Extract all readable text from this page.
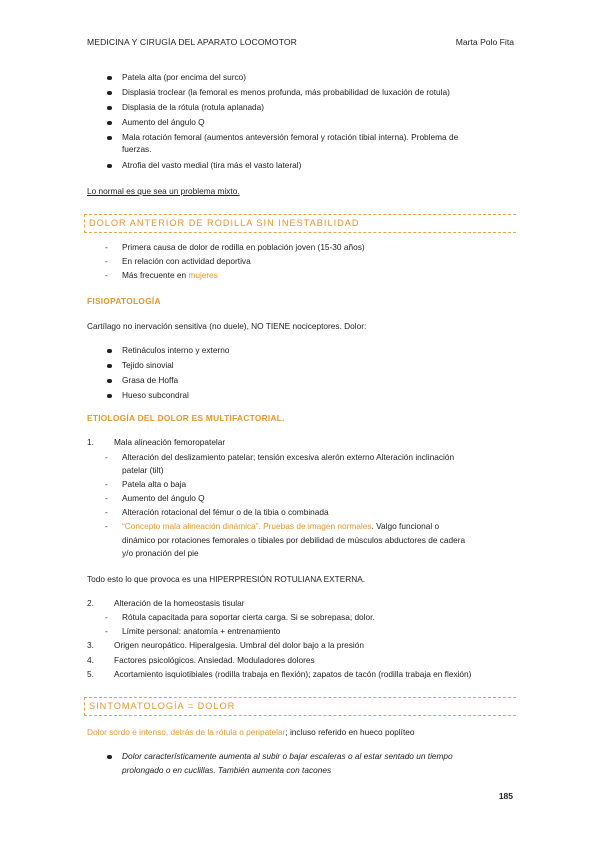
MEDICINA Y CIRUGÍA DEL APARATO LOCOMOTOR	Marta Polo Fita
Patela alta (por encima del surco)
Displasia troclear (la femoral es menos profunda, más probabilidad de luxación de rotula)
Displasia de la rótula (rotula aplanada)
Aumento del ángulo Q
Mala rotación femoral (aumentos anteversión femoral y rotación tibial interna). Problema de
fuerzas.
Atrofia del vasto medial (tira más el vasto lateral)
Lo normal es que sea un problema mixto.
DOLOR ANTERIOR DE RODILLA SIN INESTABILIDAD
- Primera causa de dolor de rodilla en población joven (15-30 años)
- En relación con actividad deportiva
- Más frecuente en mujeres
FISIOPATOLOGÍA
Cartílago no inervación sensitiva (no duele), NO TIENE nociceptores. Dolor:
Retináculos interno y externo
Tejido sinovial
Grasa de Hoffa
Hueso subcondral
ETIOLOGÍA DEL DOLOR ES MULTIFACTORIAL.
1. Mala alineación femoropatelar
- Alteración del deslizamiento patelar; tensión excesiva alerón externo Alteración inclinación
patelar (tilt)
- Patela alta o baja
- Aumento del ángulo Q
- Alteración rotacional del fémur o de la tibia o combinada
- “Concepto mala alineación dinámica”. Pruebas de imagen normales. Valgo funcional o
dinámico por rotaciones femorales o tibiales por debilidad de músculos abductores de cadera
y/o pronación del pie
Todo esto lo que provoca es una HIPERPRESIÓN ROTULIANA EXTERNA.
2. Alteración de la homeostasis tisular
- Rótula capacitada para soportar cierta carga. Si se sobrepasa; dolor.
- Límite personal: anatomía + entrenamiento
3. Origen neuropático. Hiperalgesia. Umbral del dolor bajo a la presión
4. Factores psicológicos. Ansiedad. Moduladores dolores
5. Acortamiento isquiotibiales (rodilla trabaja en flexión); zapatos de tacón (rodilla trabaja en flexión)
SINTOMATOLOGÍA = DOLOR
Dolor sordo e intenso, detrás de la rótula o peripatelar; incluso referido en hueco poplíteo
Dolor característicamente aumenta al subir o bajar escaleras o al estar sentado un tiempo
prolongado o en cuclillas. También aumenta con tacones
185
